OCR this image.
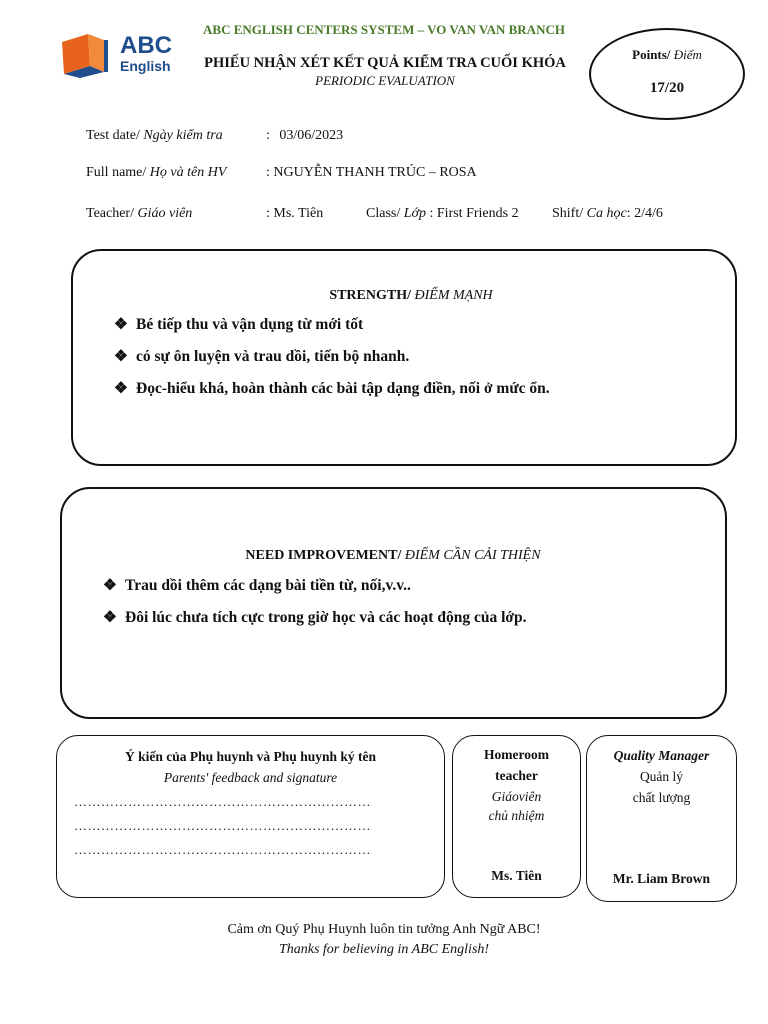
ABC ENGLISH CENTERS SYSTEM – VO VAN VAN BRANCH
ABC
English	PHIẾU NHẬN XÉT KẾT QUẢ KIỂM TRA CUỐI KHÓA
PERIODIC EVALUATION
Points/ Điểm
17/20
Test date/ Ngày kiểm tra	: 03/06/2023
Full name/ Họ và tên HV	: NGUYỄN THANH TRÚC – ROSA
Teacher/ Giáo viên	: Ms. Tiên	Class/ Lớp : First Friends 2 Shift/ Ca học: 2/4/6
STRENGTH/ ĐIỂM MẠNH
❖ Bé tiếp thu và vận dụng từ mới tốt
❖ có sự ôn luyện và trau dồi, tiến bộ nhanh.
❖ Đọc-hiểu khá, hoàn thành các bài tập dạng điền, nối ở mức ổn.
NEED IMPROVEMENT/ ĐIỂM CẦN CẢI THIỆN
❖ Trau dồi thêm các dạng bài tiền từ, nối,v.v..
❖ Đôi lúc chưa tích cực trong giờ học và các hoạt động của lớp.
Ý kiến của Phụ huynh và Phụ huynh ký tên
Parents' feedback and signature
…………………………………………………………
…………………………………………………………
…………………………………………………………
Homeroom
teacher
Giáoviên
chủ nhiệm
Ms. Tiên
Quality Manager
Quản lý
chất lượng
Mr. Liam Brown
Cảm ơn Quý Phụ Huynh luôn tin tưởng Anh Ngữ ABC!
Thanks for believing in ABC English!
